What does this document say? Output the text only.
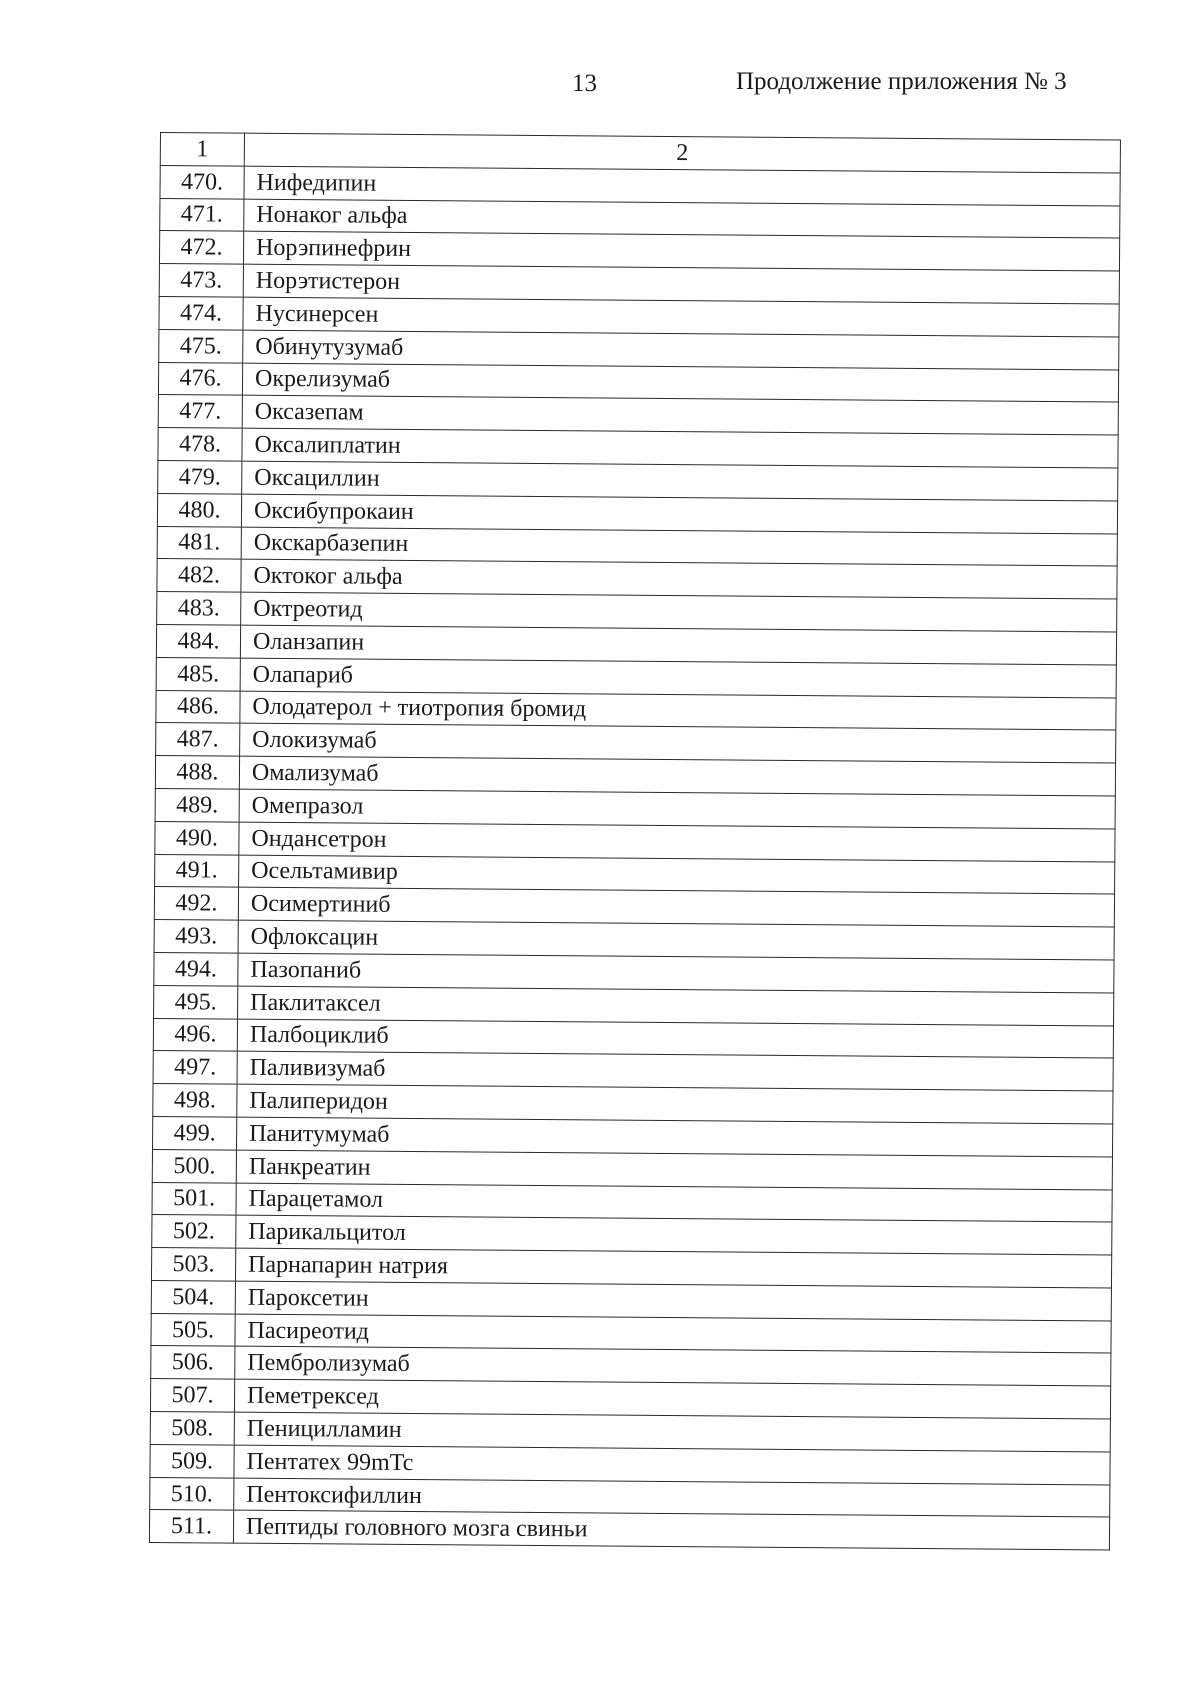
13	Продолжение приложения № 3
1	2
470.	Нифедипин
471.	Нонаког альфа
472.	Норэпинефрин
473.	Норэтистерон
474.	Нусинерсен
475.	Обинутузумаб
476.	Окрелизумаб
477.	Оксазепам
478.	Оксалиплатин
479.	Оксациллин
480.	Оксибупрокаин
481.	Окскарбазепин
482.	Октоког альфа
483.	Октреотид
484.	Оланзапин
485.	Олапариб
486.	Олодатерол + тиотропия бромид
487.	Олокизумаб
488.	Омализумаб
489.	Омепразол
490.	Ондансетрон
491.	Осельтамивир
492.	Осимертиниб
493.	Офлоксацин
494.	Пазопаниб
495.	Паклитаксел
496.	Палбоциклиб
497.	Паливизумаб
498.	Палиперидон
499.	Панитумумаб
500.	Панкреатин
501.	Парацетамол
502.	Парикальцитол
503.	Парнапарин натрия
504.	Пароксетин
505.	Пасиреотид
506.	Пембролизумаб
507.	Пеметрексед
508.	Пеницилламин
509.	Пентатех 99mTc
510.	Пентоксифиллин
511.	Пептиды головного мозга свиньи
